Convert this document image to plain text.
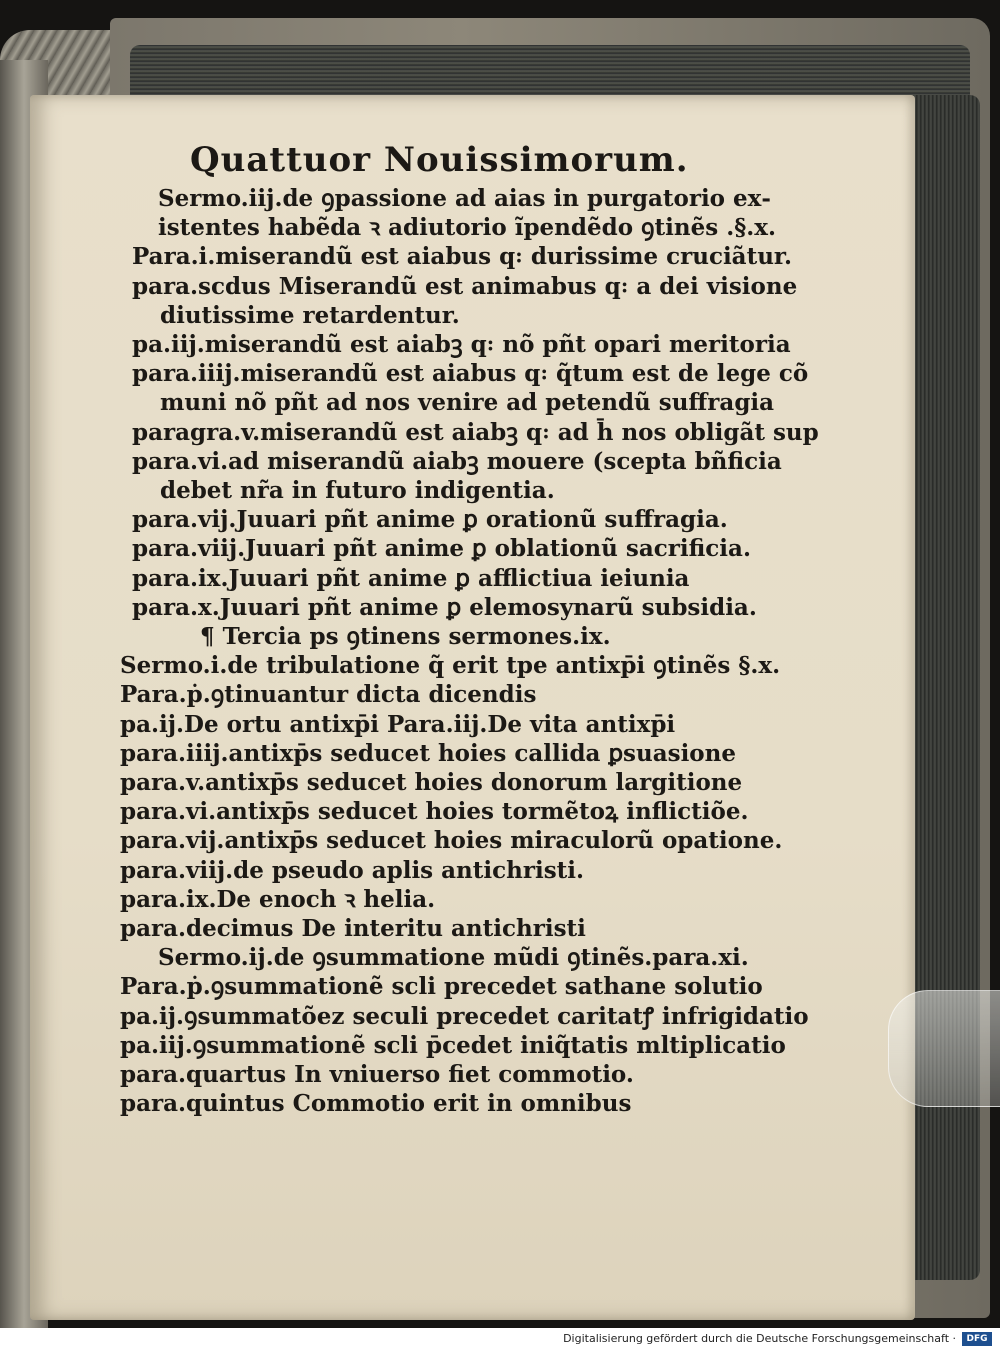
Quattuor Nouissimorum.
Sermo.iij.de ꝯpassione ad aias in purgatorio ex‑
istentes habẽda ꝛ adiutorio ĩpendẽdo ꝯtinẽs .§.x.
Para.i.miserandũ est aiabus q꞉ durissime cruciãtur.
para.scdus Miserandũ est animabus q꞉ a dei visione
diutissime retardentur.
pa.iij.miserandũ est aiabꝫ q꞉ nõ pñt opari meritoria
para.iiij.miserandũ est aiabus q꞉ q̃tum est de lege cõ
muni nõ pñt ad nos venire ad petendũ suffragia
paragra.v.miserandũ est aiabꝫ q꞉ ad h̄ nos obligãt sup
para.vi.ad miserandũ aiabꝫ mouere (scepta bñficia
debet nr̃a in futuro indigentia.
para.vij.Juuari pñt anime ꝑ orationũ suffragia.
para.viij.Juuari pñt anime ꝑ oblationũ sacrificia.
para.ix.Juuari pñt anime ꝑ afflictiua ieiunia
para.x.Juuari pñt anime ꝑ elemosynarũ subsidia.
¶ Tercia ps ꝯtinens sermones.ix.
Sermo.i.de tribulatione q̃ erit tpe antixp̄i ꝯtinẽs §.x.
Para.ṗ.ꝯtinuantur dicta dicendis
pa.ij.De ortu antixp̄i Para.iij.De vita antixp̄i
para.iiij.antixp̄s seducet hoies callida ꝑsuasione
para.v.antixp̄s seducet hoies donorum largitione
para.vi.antixp̄s seducet hoies tormẽtoꝝ inflictiõe.
para.vij.antixp̄s seducet hoies miraculorũ opatione.
para.viij.de pseudo aplis antichristi.
para.ix.De enoch ꝛ helia.
para.decimus De interitu antichristi
Sermo.ij.de ꝯsummatione mũdi ꝯtinẽs.para.xi.
Para.ṗ.ꝯsummationẽ scli precedet sathane solutio
pa.ij.ꝯsummatõez seculi precedet caritatꝭ infrigidatio
pa.iij.ꝯsummationẽ scli p̄cedet iniq̃tatis mltiplicatio
para.quartus In vniuerso fiet commotio.
para.quintus Commotio erit in omnibus
Digitalisierung gefördert durch die Deutsche Forschungsgemeinschaft ·	DFG
